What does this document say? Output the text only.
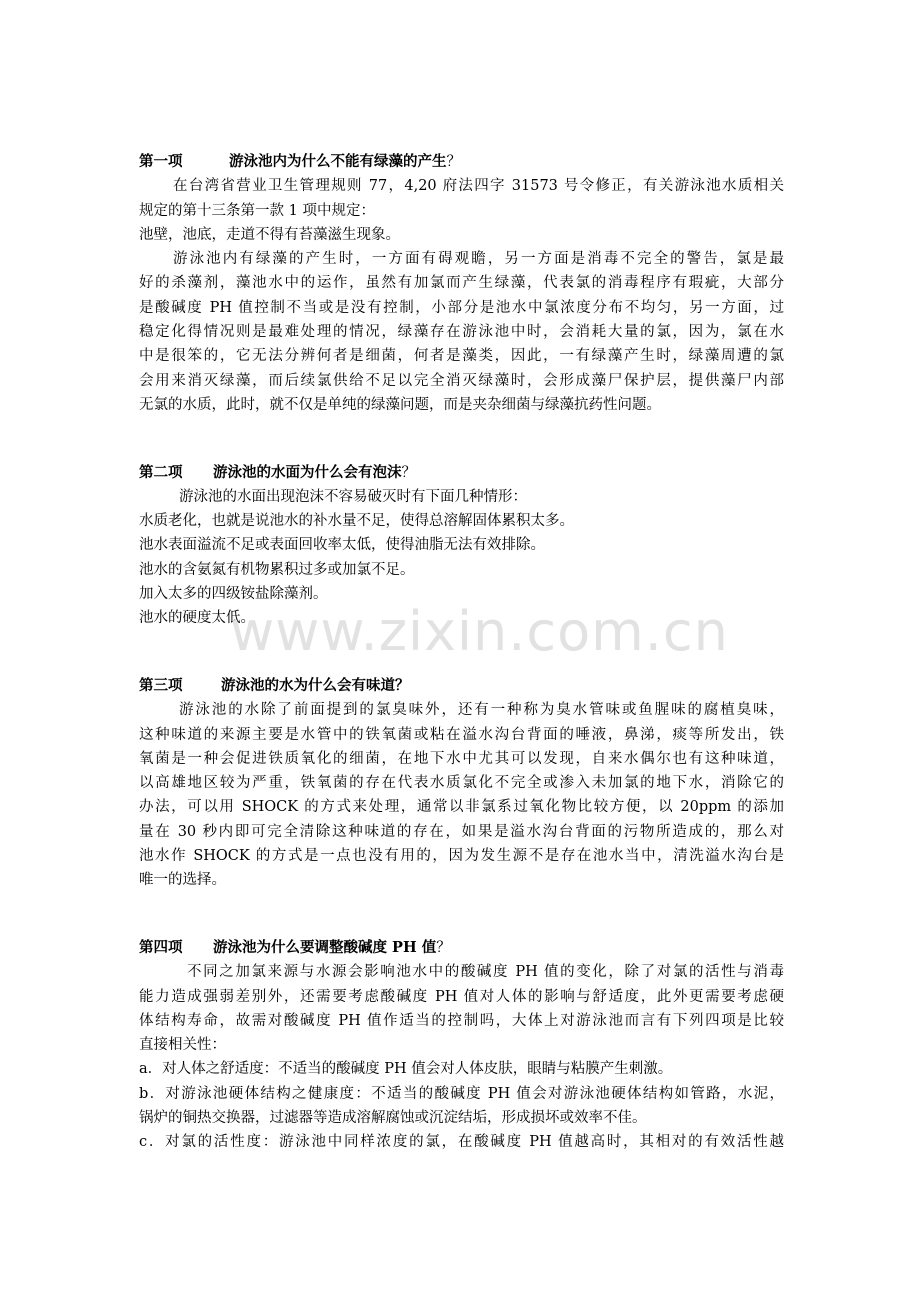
第一项	游泳池内为什么不能有绿藻的产生？
在台湾省营业卫生管理规则 77，4,20 府法四字 31573 号令修正，有关游泳池水质相关
规定的第十三条第一款 1 项中规定：
池壁，池底，走道不得有苔藻滋生现象。
游泳池内有绿藻的产生时，一方面有碍观瞻，另一方面是消毒不完全的警告，氯是最
好的杀藻剂，藻池水中的运作，虽然有加氯而产生绿藻，代表氯的消毒程序有瑕疵，大部分
是酸碱度 PH 值控制不当或是没有控制，小部分是池水中氯浓度分布不均匀，另一方面，过
稳定化得情况则是最难处理的情况，绿藻存在游泳池中时，会消耗大量的氯，因为，氯在水
中是很笨的，它无法分辨何者是细菌，何者是藻类，因此，一有绿藻产生时，绿藻周遭的氯
会用来消灭绿藻，而后续氯供给不足以完全消灭绿藻时，会形成藻尸保护层，提供藻尸内部
无氯的水质，此时，就不仅是单纯的绿藻问题，而是夹杂细菌与绿藻抗药性问题。
第二项 游泳池的水面为什么会有泡沫？
游泳池的水面出现泡沫不容易破灭时有下面几种情形：
水质老化，也就是说池水的补水量不足，使得总溶解固体累积太多。
池水表面溢流不足或表面回收率太低，使得油脂无法有效排除。
池水的含氨氮有机物累积过多或加氯不足。
加入太多的四级铵盐除藻剂。
池水的硬度太低。
第三项	游泳池的水为什么会有味道？
游泳池的水除了前面提到的氯臭味外，还有一种称为臭水管味或鱼腥味的腐植臭味，
这种味道的来源主要是水管中的铁氧菌或粘在溢水沟台背面的唾液，鼻涕，痰等所发出，铁
氧菌是一种会促进铁质氧化的细菌，在地下水中尤其可以发现，自来水偶尔也有这种味道，
以高雄地区较为严重，铁氧菌的存在代表水质氯化不完全或渗入未加氯的地下水，消除它的
办法，可以用 SHOCK 的方式来处理，通常以非氯系过氧化物比较方便，以 20ppm 的添加
量在 30 秒内即可完全清除这种味道的存在，如果是溢水沟台背面的污物所造成的，那么对
池水作 SHOCK 的方式是一点也没有用的，因为发生源不是存在池水当中，清洗溢水沟台是
唯一的选择。
第四项 游泳池为什么要调整酸碱度 PH 值？
不同之加氯来源与水源会影响池水中的酸碱度 PH 值的变化，除了对氯的活性与消毒
能力造成强弱差别外，还需要考虑酸碱度 PH 值对人体的影响与舒适度，此外更需要考虑硬
体结构寿命，故需对酸碱度 PH 值作适当的控制吗，大体上对游泳池而言有下列四项是比较
直接相关性：
a．对人体之舒适度：不适当的酸碱度 PH 值会对人体皮肤，眼睛与粘膜产生刺激。
b．对游泳池硬体结构之健康度：不适当的酸碱度 PH 值会对游泳池硬体结构如管路，水泥，
锅炉的铜热交换器，过滤器等造成溶解腐蚀或沉淀结垢，形成损坏或效率不佳。
c．对氯的活性度：游泳池中同样浓度的氯，在酸碱度 PH 值越高时，其相对的有效活性越
www.zixin.com.cn
